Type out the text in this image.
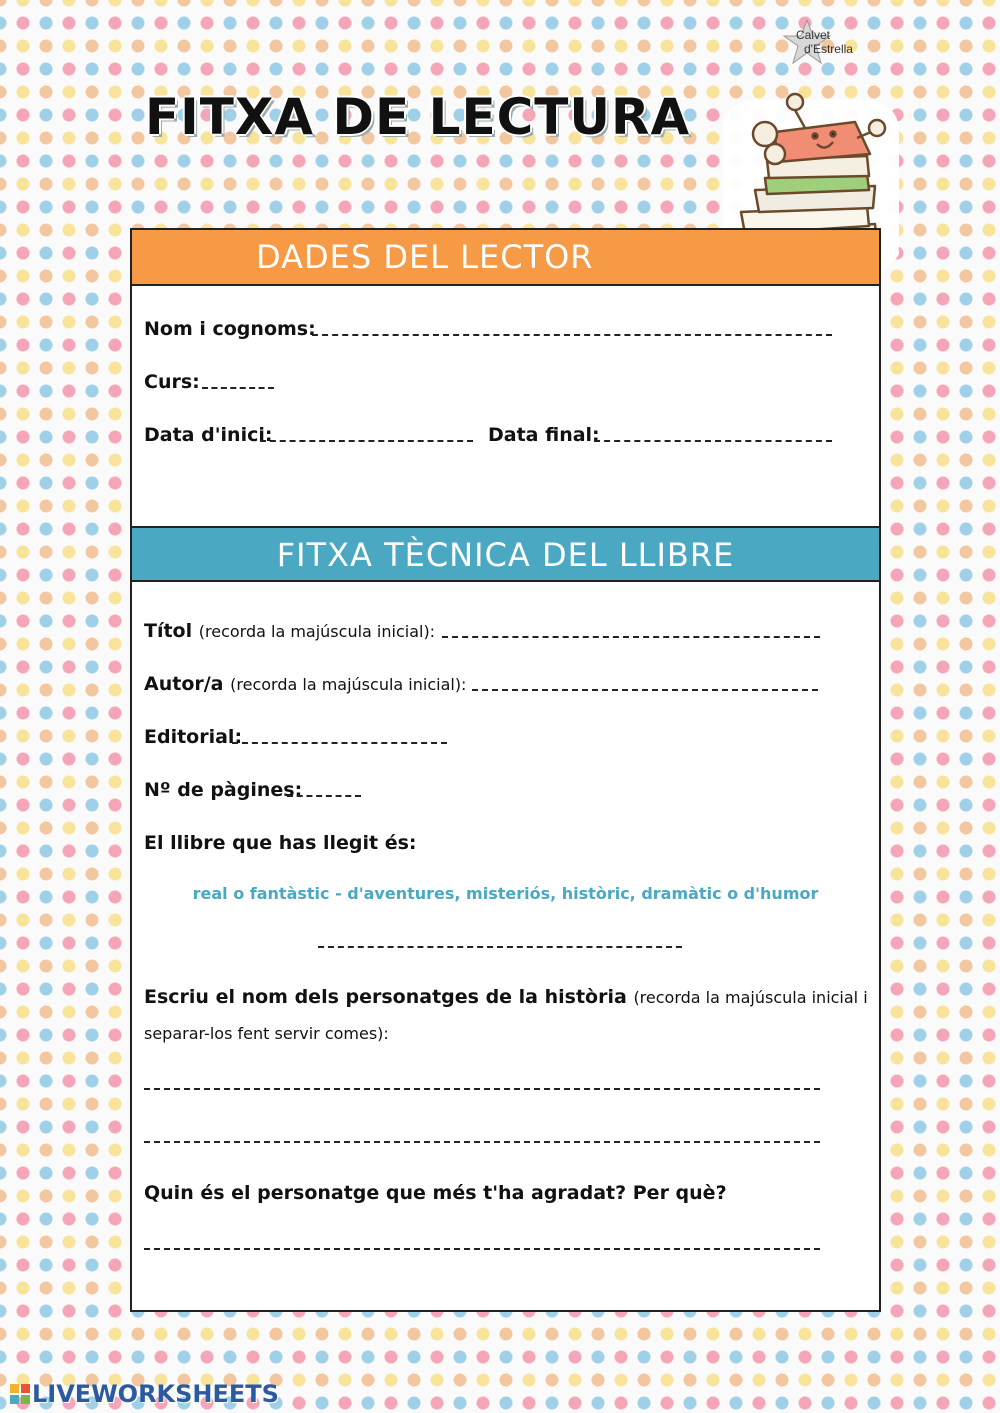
Calvet
d'Estrella
FITXA DE LECTURA
DADES DEL LECTOR
Nom i cognoms:
Curs:
Data d'inici:	Data final:
FITXA TÈCNICA DEL LLIBRE
Títol (recorda la majúscula inicial):
Autor/a (recorda la majúscula inicial):
Editorial:
Nº de pàgines:
El llibre que has llegit és:
real o fantàstic - d'aventures, misteriós, històric, dramàtic o d'humor
Escriu el nom dels personatges de la història (recorda la majúscula inicial i
separar-los fent servir comes):
Quin és el personatge que més t'ha agradat? Per què?
LIVEWORKSHEETS
